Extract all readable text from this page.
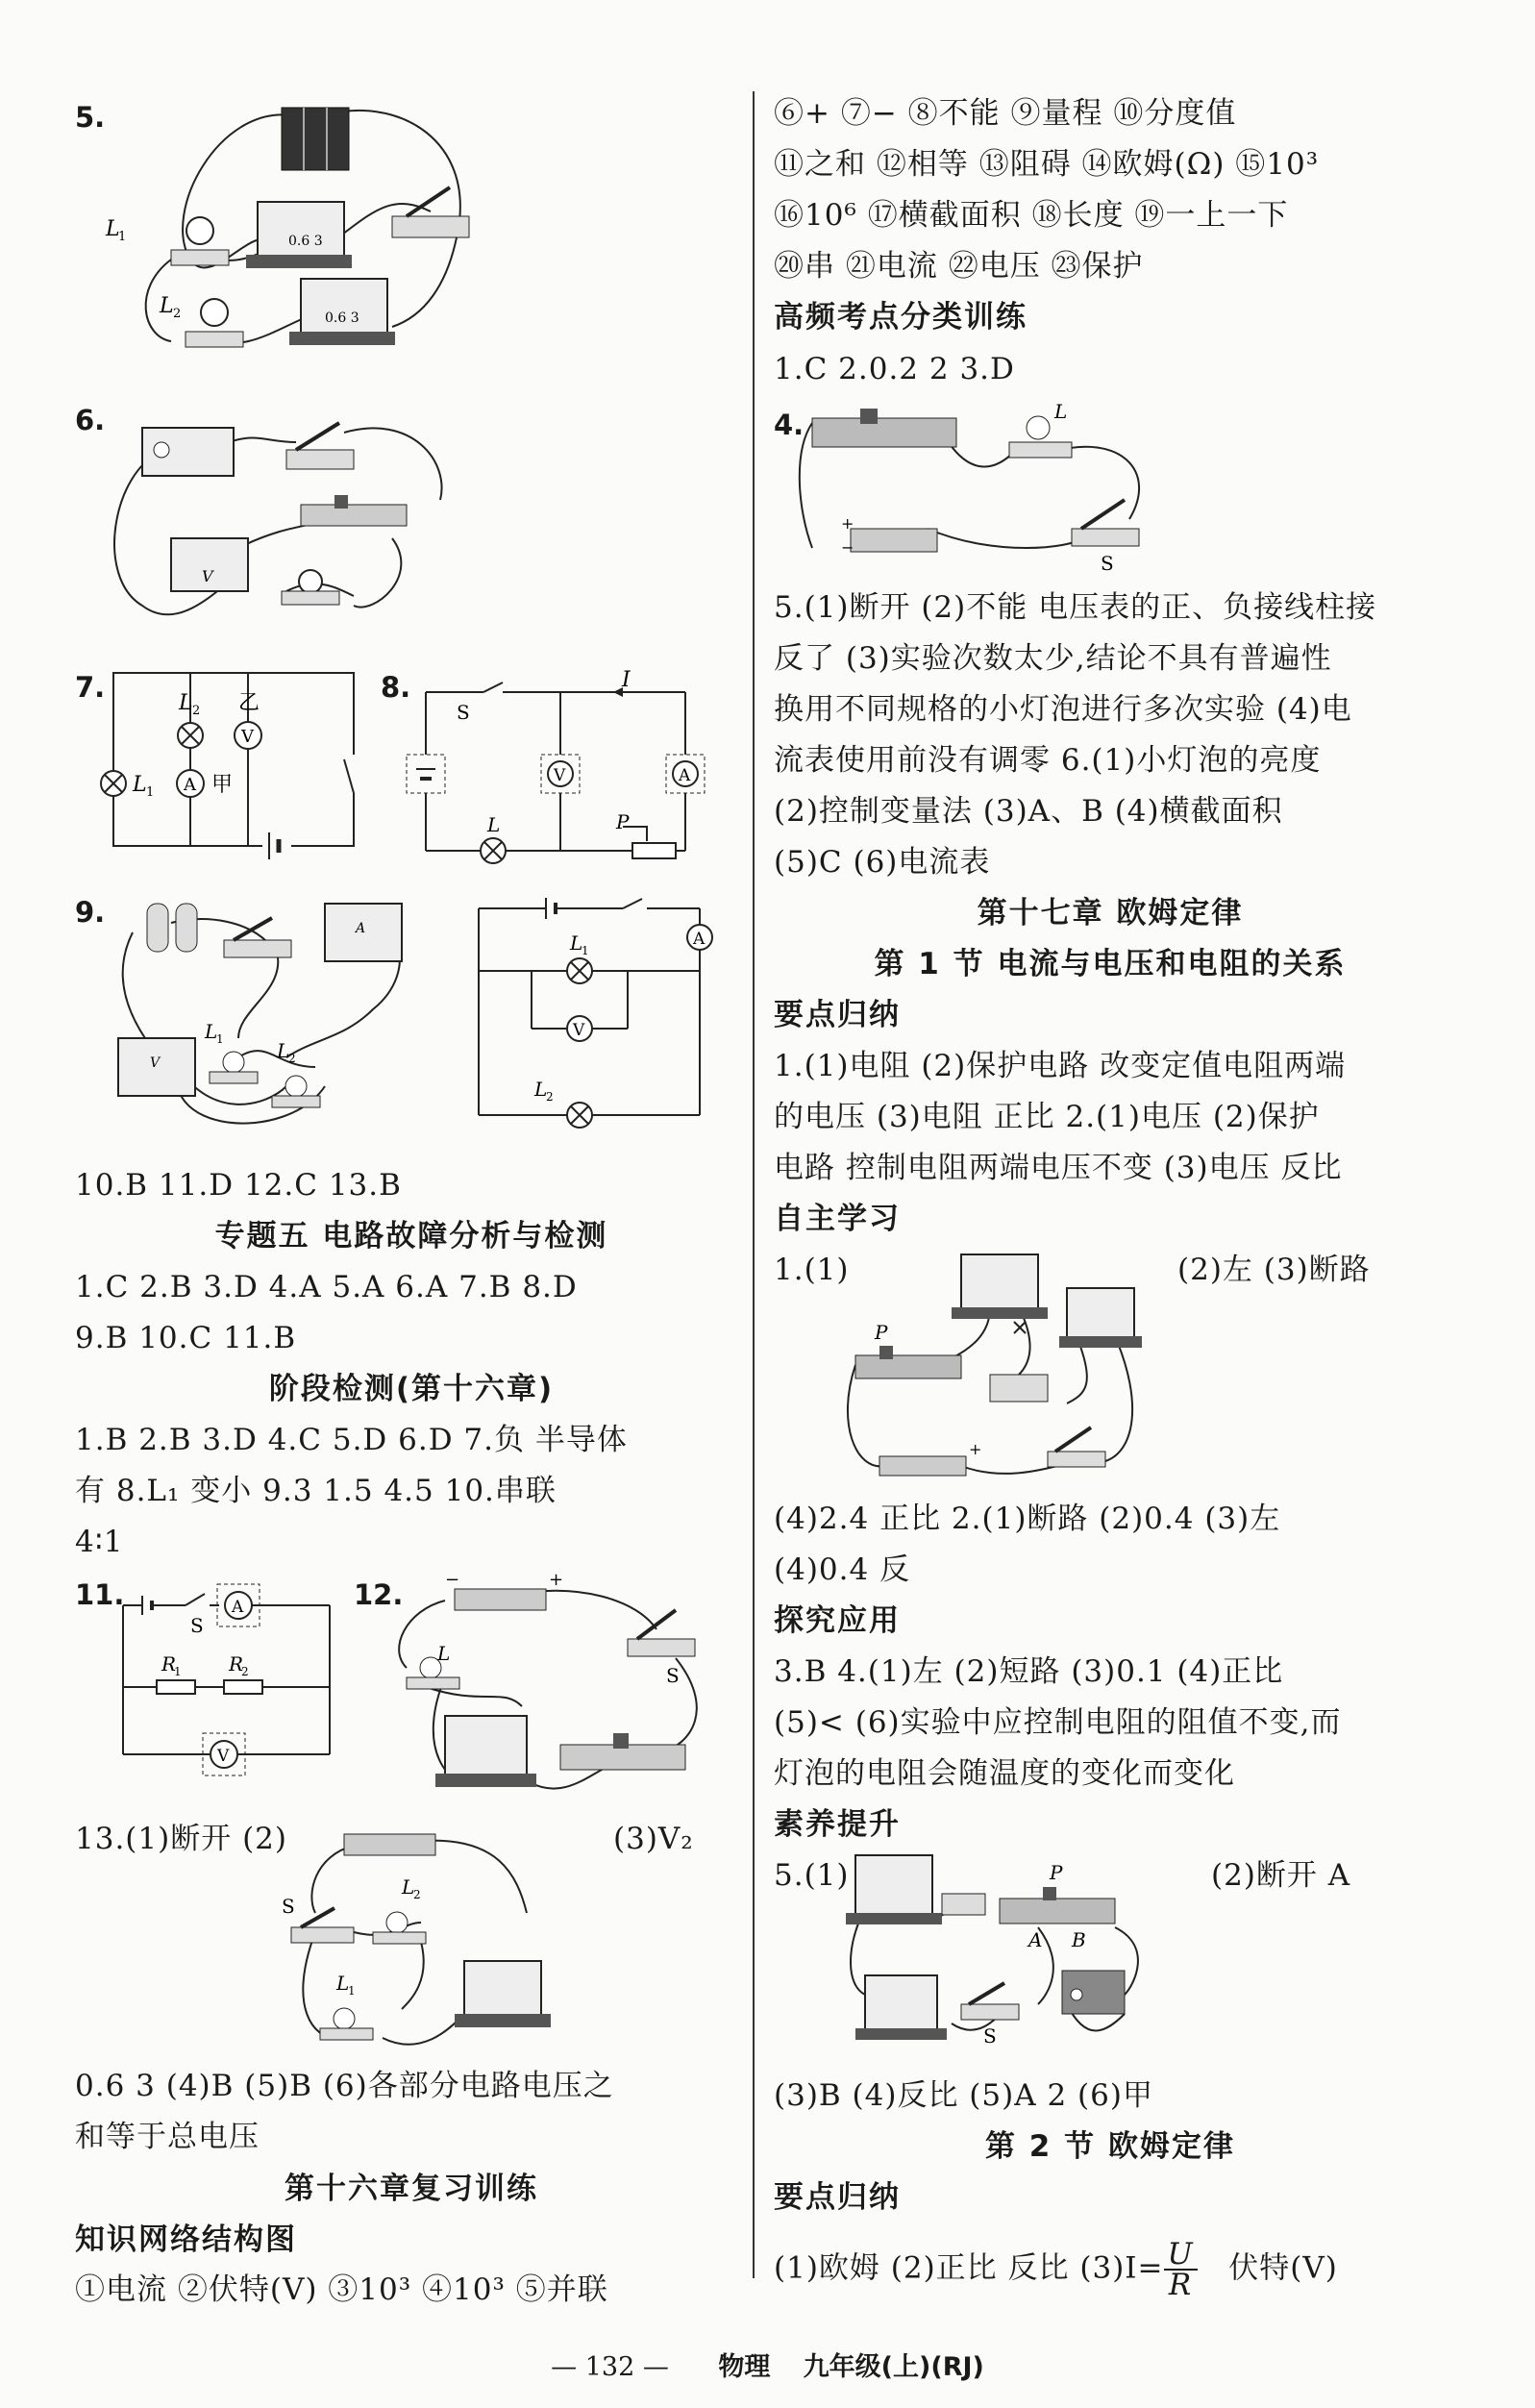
5.
0.6 3
L
1
0.6 3
L 2
6.
V
7.	L 2
L 1
V
乙
A 甲
8.	I
S
V	A
L	P
9.	A
V
L
1	L
2
A
L
1
V
L
2
10.B 11.D 12.C 13.B
专题五 电路故障分析与检测
1.C 2.B 3.D 4.A 5.A 6.A 7.B 8.D
9.B 10.C 11.B
阶段检测(第十六章)
1.B 2.B 3.D 4.C 5.D 6.D 7.负 半导体
有 8.L₁ 变小 9.3 1.5 4.5 10.串联
4∶1
11.
S
A
R
1 R
2
V
12. −	+
L
S
13.(1)断开 (2)	(3)V₂
S
L
2
L
1
0.6 3 (4)B (5)B (6)各部分电路电压之
和等于总电压
第十六章复习训练
知识网络结构图
①电流 ②伏特(V) ③10³ ④10³ ⑤并联
⑥+ ⑦− ⑧不能 ⑨量程 ⑩分度值
⑪之和 ⑫相等 ⑬阻碍 ⑭欧姆(Ω) ⑮10³
⑯10⁶ ⑰横截面积 ⑱长度 ⑲一上一下
⑳串 ㉑电流 ㉒电压 ㉓保护
高频考点分类训练
1.C 2.0.2 2 3.D
4.	L
+
−
S
5.(1)断开 (2)不能 电压表的正、负接线柱接
反了 (3)实验次数太少,结论不具有普遍性
换用不同规格的小灯泡进行多次实验 (4)电
流表使用前没有调零 6.(1)小灯泡的亮度
(2)控制变量法 (3)A、B (4)横截面积
(5)C (6)电流表
第十七章 欧姆定律
第 1 节 电流与电压和电阻的关系
要点归纳
1.(1)电阻 (2)保护电路 改变定值电阻两端
的电压 (3)电阻 正比 2.(1)电压 (2)保护
电路 控制电阻两端电压不变 (3)电压 反比
自主学习
1.(1)	(2)左 (3)断路
P
+
(4)2.4 正比 2.(1)断路 (2)0.4 (3)左
(4)0.4 反
探究应用
3.B 4.(1)左 (2)短路 (3)0.1 (4)正比
(5)< (6)实验中应控制电阻的阻值不变,而
灯泡的电阻会随温度的变化而变化
素养提升
5.(1)	(2)断开 A
P
A B
S
(3)B (4)反比 (5)A 2 (6)甲
第 2 节 欧姆定律
要点归纳
(1)欧姆 (2)正比 反比 $(3)I= \frac{U}{R}$ 伏特(V)
— 132 — 物理 九年级(上)(RJ)
